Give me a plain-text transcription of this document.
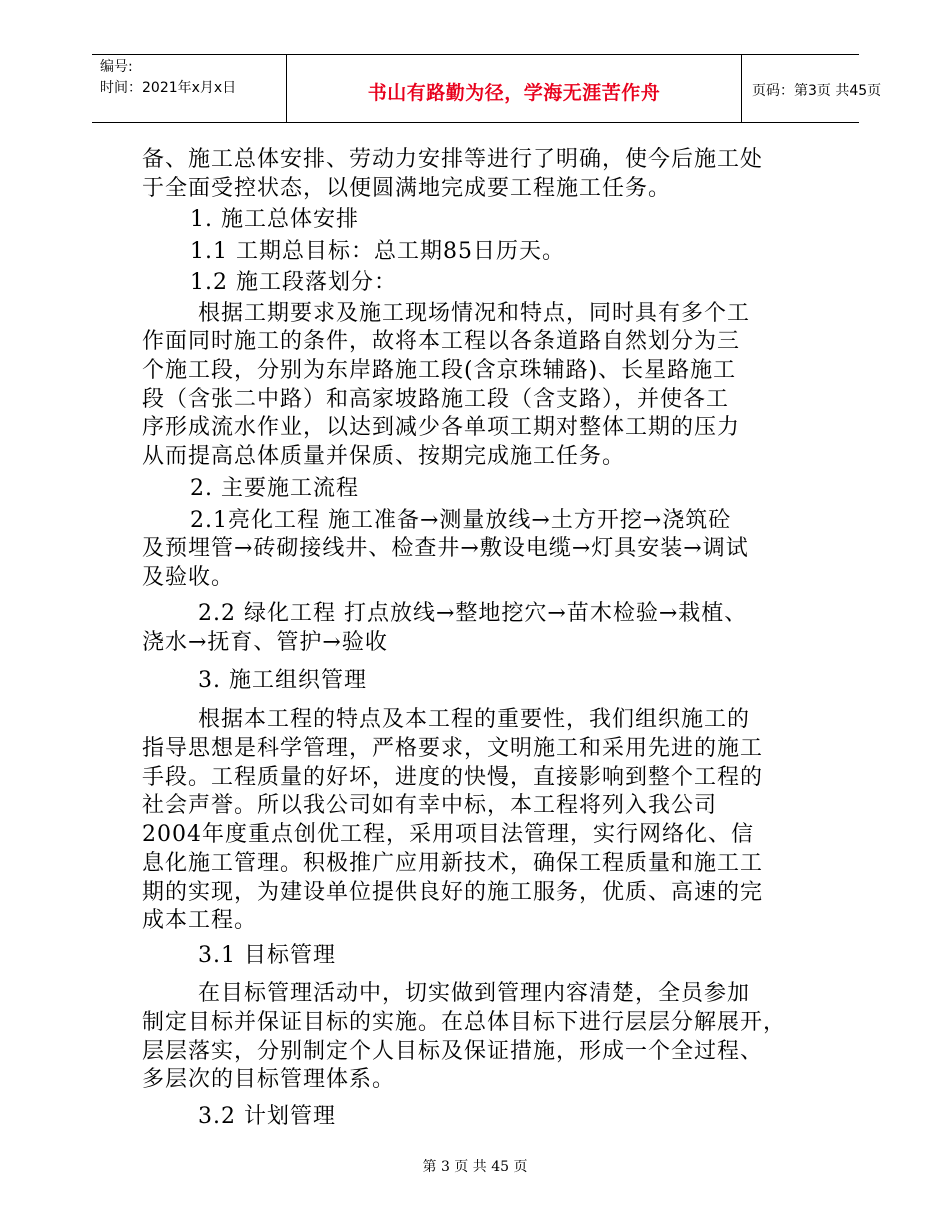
编号:
时间：2021年x月x日	书山有路勤为径，学海无涯苦作舟	页码：第3页 共45页
备、施工总体安排、劳动力安排等进行了明确，使今后施工处
于全面受控状态，以便圆满地完成要工程施工任务。
1. 施工总体安排
1.1 工期总目标：总工期85日历天。
1.2 施工段落划分：
根据工期要求及施工现场情况和特点，同时具有多个工
作面同时施工的条件，故将本工程以各条道路自然划分为三
个施工段，分别为东岸路施工段(含京珠辅路)、长星路施工
段（含张二中路）和高家坡路施工段（含支路），并使各工
序形成流水作业，以达到减少各单项工期对整体工期的压力
从而提高总体质量并保质、按期完成施工任务。
2. 主要施工流程
2.1亮化工程 施工准备→测量放线→土方开挖→浇筑砼
及预埋管→砖砌接线井、检查井→敷设电缆→灯具安装→调试
及验收。
2.2 绿化工程 打点放线→整地挖穴→苗木检验→栽植、
浇水→抚育、管护→验收
3. 施工组织管理
根据本工程的特点及本工程的重要性，我们组织施工的
指导思想是科学管理，严格要求，文明施工和采用先进的施工
手段。工程质量的好坏，进度的快慢，直接影响到整个工程的
社会声誉。所以我公司如有幸中标，本工程将列入我公司
2004年度重点创优工程，采用项目法管理，实行网络化、信
息化施工管理。积极推广应用新技术，确保工程质量和施工工
期的实现，为建设单位提供良好的施工服务，优质、高速的完
成本工程。
3.1 目标管理
在目标管理活动中，切实做到管理内容清楚，全员参加
制定目标并保证目标的实施。在总体目标下进行层层分解展开，
层层落实，分别制定个人目标及保证措施，形成一个全过程、
多层次的目标管理体系。
3.2 计划管理
第 3 页 共 45 页
